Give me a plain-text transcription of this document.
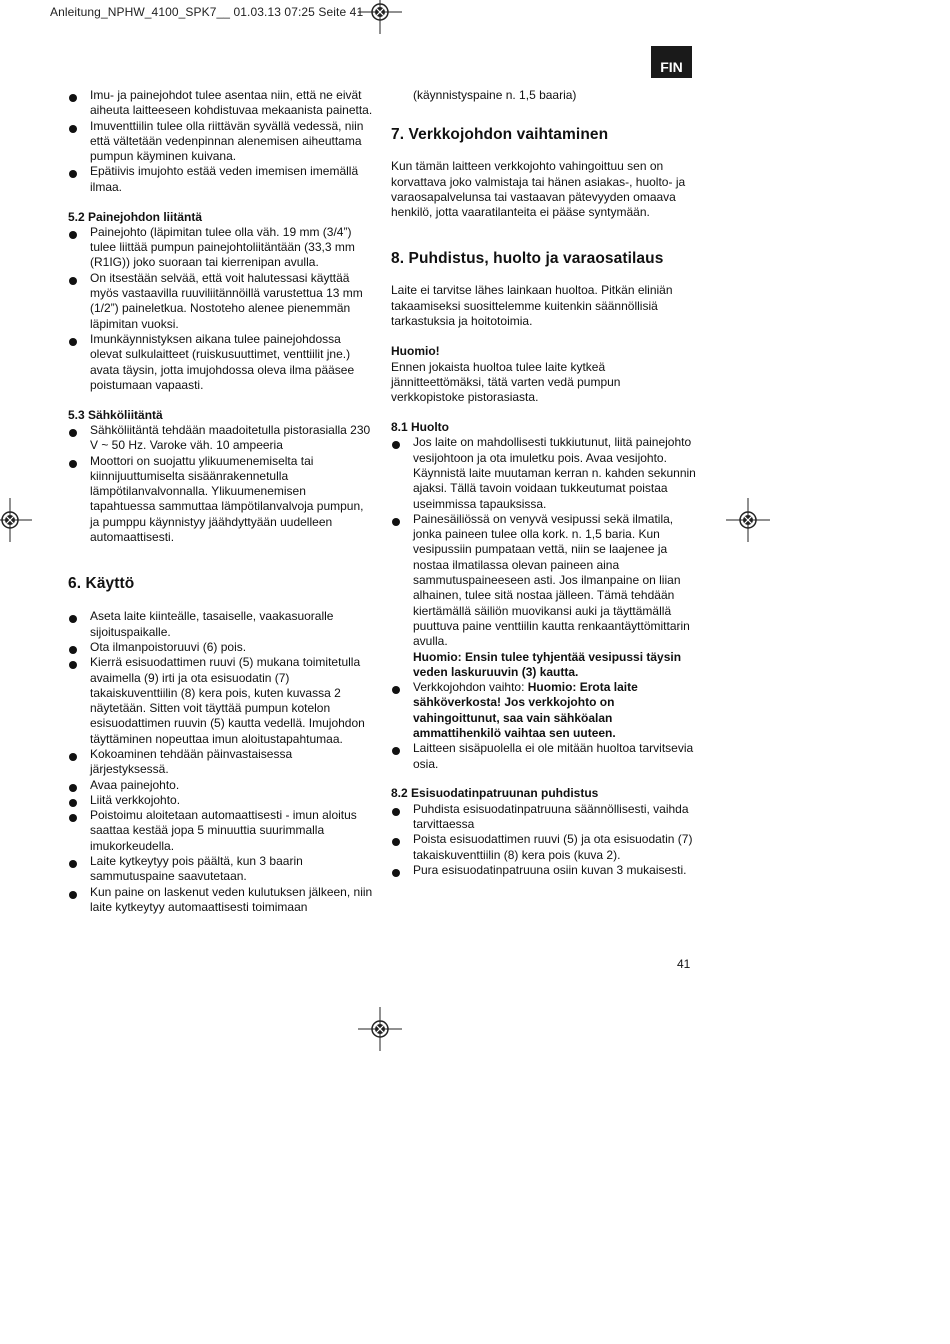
Anleitung_NPHW_4100_SPK7__ 01.03.13 07:25 Seite 41
FIN
Imu- ja painejohdot tulee asentaa niin, että ne eivät aiheuta laitteeseen kohdistuvaa mekaanista painetta.
Imuventtiilin tulee olla riittävän syvällä vedessä, niin että vältetään vedenpinnan alenemisen aiheuttama pumpun käyminen kuivana.
Epätiivis imujohto estää veden imemisen imemällä ilmaa.

5.2 Painejohdon liitäntä

Painejohto (läpimitan tulee olla väh. 19 mm (3/4”) tulee liittää pumpun painejohtoliitäntään (33,3 mm (R1IG)) joko suoraan tai kierrenipan avulla.
On itsestään selvää, että voit halutessasi käyttää myös vastaavilla ruuviliitännöillä varustettua 13 mm (1/2”) paineletkua. Nostoteho alenee pienemmän läpimitan vuoksi.
Imunkäynnistyksen aikana tulee painejohdossa olevat sulkulaitteet (ruiskusuuttimet, venttiilit jne.) avata täysin, jotta imujohdossa oleva ilma pääsee poistumaan vapaasti.

5.3 Sähköliitäntä

Sähköliitäntä tehdään maadoitetulla pistorasialla 230 V ~ 50 Hz. Varoke väh. 10 ampeeria
Moottori on suojattu ylikuumenemiselta tai kiinnijuuttumiselta sisäänrakennetulla lämpötilanvalvonnalla. Ylikuumenemisen tapahtuessa sammuttaa lämpötilanvalvoja pumpun, ja pumppu käynnistyy jäähdyttyään uudelleen automaattisesti.

6. Käyttö

Aseta laite kiinteälle, tasaiselle, vaakasuoralle sijoituspaikalle.
Ota ilmanpoistoruuvi (6) pois.
Kierrä esisuodattimen ruuvi (5) mukana toimitetulla avaimella (9) irti ja ota esisuodatin (7) takaiskuventtiilin (8) kera pois, kuten kuvassa 2 näytetään. Sitten voit täyttää pumpun kotelon esisuodattimen ruuvin (5) kautta vedellä. Imujohdon täyttäminen nopeuttaa imun aloitustapahtumaa.
Kokoaminen tehdään päinvastaisessa järjestyksessä.
Avaa painejohto.
Liitä verkkojohto.
Poistoimu aloitetaan automaattisesti - imun aloitus saattaa kestää jopa 5 minuuttia suurimmalla imukorkeudella.
Laite kytkeytyy pois päältä, kun 3 baarin sammutuspaine saavutetaan.
Kun paine on laskenut veden kulutuksen jälkeen, niin laite kytkeytyy automaattisesti toimimaan

(käynnistyspaine n. 1,5 baaria)

7. Verkkojohdon vaihtaminen

Kun tämän laitteen verkkojohto vahingoittuu sen on korvattava joko valmistaja tai hänen asiakas-, huolto- ja varaosapalvelunsa tai vastaavan pätevyyden omaava henkilö, jotta vaaratilanteita ei pääse syntymään.

8. Puhdistus, huolto ja varaosatilaus

Laite ei tarvitse lähes lainkaan huoltoa. Pitkän eliniän takaamiseksi suosittelemme kuitenkin säännöllisiä tarkastuksia ja hoitotoimia.

Huomio!

Ennen jokaista huoltoa tulee laite kytkeä jännitteettömäksi, tätä varten vedä pumpun verkkopistoke pistorasiasta.

8.1 Huolto

Jos laite on mahdollisesti tukkiutunut, liitä painejohto vesijohtoon ja ota imuletku pois. Avaa vesijohto. Käynnistä laite muutaman kerran n. kahden sekunnin ajaksi. Tällä tavoin voidaan tukkeutumat poistaa useimmissa tapauksissa.
Painesäiliössä on venyvä vesipussi sekä ilmatila, jonka paineen tulee olla kork. n. 1,5 baria. Kun vesipussiin pumpataan vettä, niin se laajenee ja nostaa ilmatilassa olevan paineen aina sammutuspaineeseen asti. Jos ilmanpaine on liian alhainen, tulee sitä nostaa jälleen. Tämä tehdään kiertämällä säiliön muovikansi auki ja täyttämällä puuttuva paine venttiilin kautta renkaantäyttömittarin avulla.
Huomio: Ensin tulee tyhjentää vesipussi täysin veden laskuruuvin (3) kautta.
Verkkojohdon vaihto: Huomio: Erota laite sähköverkosta! Jos verkkojohto on vahingoittunut, saa vain sähköalan ammattihenkilö vaihtaa sen uuteen.
Laitteen sisäpuolella ei ole mitään huoltoa tarvitsevia osia.

8.2 Esisuodatinpatruunan puhdistus

Puhdista esisuodatinpatruuna säännöllisesti, vaihda tarvittaessa
Poista esisuodattimen ruuvi (5) ja ota esisuodatin (7) takaiskuventtiilin (8) kera pois (kuva 2).
Pura esisuodatinpatruuna osiin kuvan 3 mukaisesti.
41
